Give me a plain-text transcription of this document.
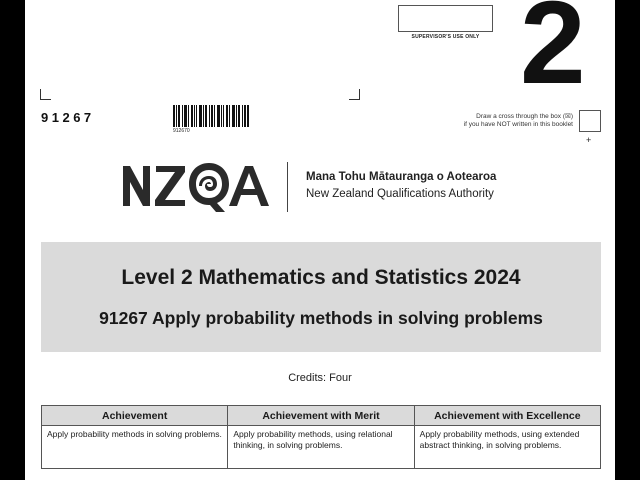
SUPERVISOR'S USE ONLY 2
91267
912670
Draw a cross through the box (☒)
if you have NOT written in this booklet
+
Mana Tohu Mātauranga o Aotearoa
New Zealand Qualifications Authority
Level 2 Mathematics and Statistics 2024
91267 Apply probability methods in solving problems
Credits: Four
Achievement	Achievement with Merit	Achievement with Excellence
Apply probability methods in solving problems.	Apply probability methods, using relational thinking, in solving problems.	Apply probability methods, using extended abstract thinking, in solving problems.
